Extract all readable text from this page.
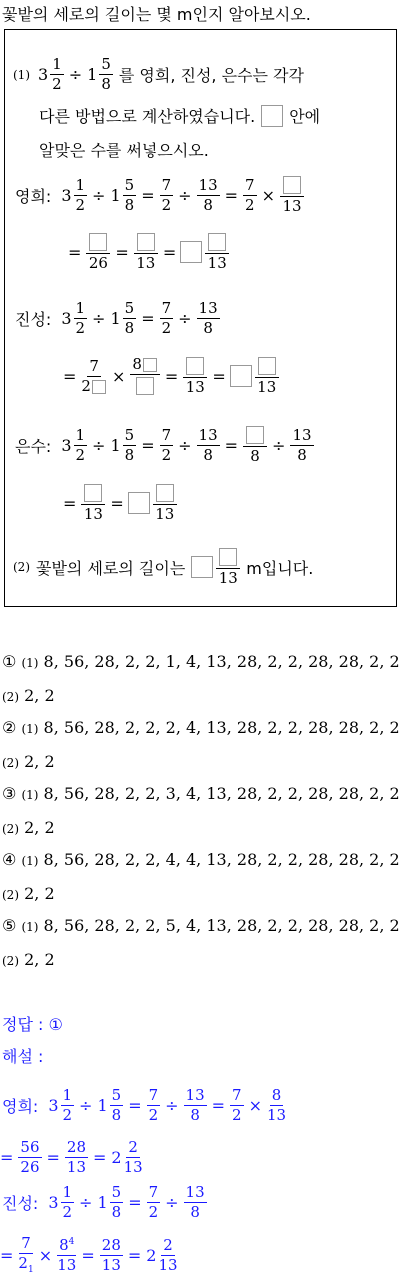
꽃밭의 세로의 길이는 몇 m인지 알아보시오.
(1) $3 \frac{1}{2} \div 1 \frac{5}{8}$ 를 영희, 진성, 은수는 각각
다른 방법으로 계산하였습니다. 안에
알맞은 수를 써넣으시오.
영희: $3 \frac{1}{2} \div 1 \frac{5}{8} = \frac{7}{2} \div \frac{13}{8} = \frac{7}{2}$ ×
13
=
26
=
13
=
13
진성: $3 \frac{1}{2} \div 1 \frac{5}{8} = \frac{7}{2} \div \frac{13}{8}$
= $\frac{7}{2}$ ×
8
=
13
=
13
은수: $3 \frac{1}{2} \div 1 \frac{5}{8} = \frac{7}{2} \div \frac{13}{8}$ =
8
÷ $\frac{13}{8}$
=
13
=
13
(2) 꽃밭의 세로의 길이는
13
m입니다.
① (1) 8, 56, 28, 2, 2, 1, 4, 13, 28, 2, 2, 28, 28, 2, 2
(2) 2, 2
② (1) 8, 56, 28, 2, 2, 2, 4, 13, 28, 2, 2, 28, 28, 2, 2
(2) 2, 2
③ (1) 8, 56, 28, 2, 2, 3, 4, 13, 28, 2, 2, 28, 28, 2, 2
(2) 2, 2
④ (1) 8, 56, 28, 2, 2, 4, 4, 13, 28, 2, 2, 28, 28, 2, 2
(2) 2, 2
⑤ (1) 8, 56, 28, 2, 2, 5, 4, 13, 28, 2, 2, 28, 28, 2, 2
(2) 2, 2
정답 : ①
해설 :
영희: $3 \frac{1}{2} \div 1 \frac{5}{8} = \frac{7}{2} \div \frac{13}{8} = \frac{7}{2} \times \frac{8}{13}$
= $\frac{56}{26} = \frac{28}{13} = 2 \frac{2}{13}$
진성: $3 \frac{1}{2} \div 1 \frac{5}{8} = \frac{7}{2} \div \frac{13}{8}$
= $\frac{7}{2_1} \times \frac{8^4}{13} = \frac{28}{13} = 2 \frac{2}{13}$
